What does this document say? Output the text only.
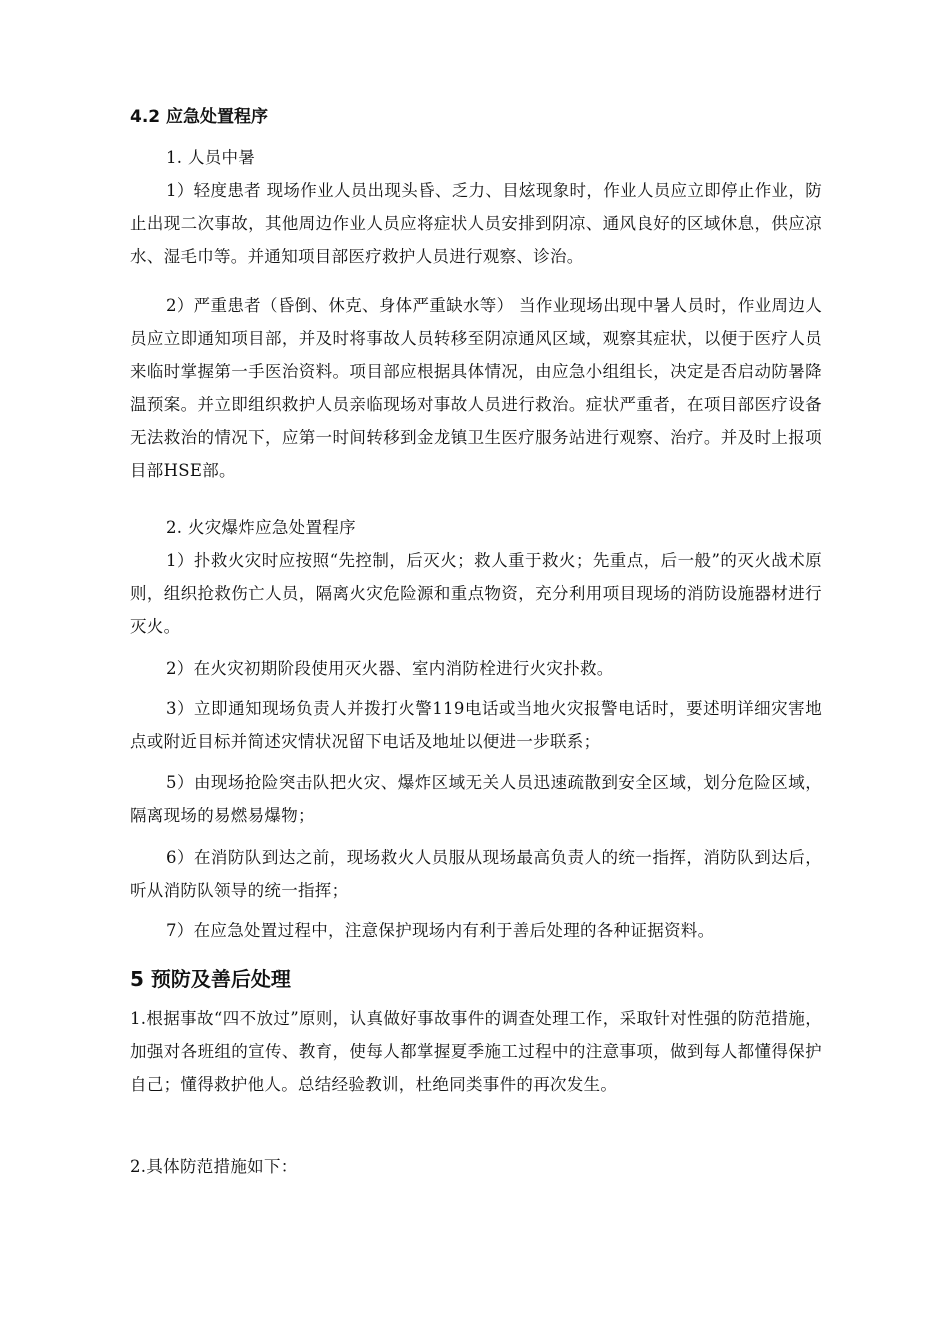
4.2 应急处置程序
1. 人员中暑
1）轻度患者 现场作业人员出现头昏、乏力、目炫现象时，作业人员应立即停止作业，防止出现二次事故，其他周边作业人员应将症状人员安排到阴凉、通风良好的区域休息，供应凉水、湿毛巾等。并通知项目部医疗救护人员进行观察、诊治。
2）严重患者（昏倒、休克、身体严重缺水等） 当作业现场出现中暑人员时，作业周边人员应立即通知项目部，并及时将事故人员转移至阴凉通风区域，观察其症状，以便于医疗人员来临时掌握第一手医治资料。项目部应根据具体情况，由应急小组组长，决定是否启动防暑降温预案。并立即组织救护人员亲临现场对事故人员进行救治。症状严重者，在项目部医疗设备无法救治的情况下，应第一时间转移到金龙镇卫生医疗服务站进行观察、治疗。并及时上报项目部HSE部。
2. 火灾爆炸应急处置程序
1）扑救火灾时应按照“先控制，后灭火；救人重于救火；先重点，后一般”的灭火战术原则，组织抢救伤亡人员，隔离火灾危险源和重点物资，充分利用项目现场的消防设施器材进行灭火。
2）在火灾初期阶段使用灭火器、室内消防栓进行火灾扑救。
3）立即通知现场负责人并拨打火警119电话或当地火灾报警电话时，要述明详细灾害地点或附近目标并简述灾情状况留下电话及地址以便进一步联系；
5）由现场抢险突击队把火灾、爆炸区域无关人员迅速疏散到安全区域，划分危险区域，隔离现场的易燃易爆物；
6）在消防队到达之前，现场救火人员服从现场最高负责人的统一指挥，消防队到达后，听从消防队领导的统一指挥；
7）在应急处置过程中，注意保护现场内有利于善后处理的各种证据资料。
5 预防及善后处理
1.根据事故“四不放过”原则，认真做好事故事件的调查处理工作，采取针对性强的防范措施，加强对各班组的宣传、教育，使每人都掌握夏季施工过程中的注意事项，做到每人都懂得保护自己；懂得救护他人。总结经验教训，杜绝同类事件的再次发生。
2.具体防范措施如下：
